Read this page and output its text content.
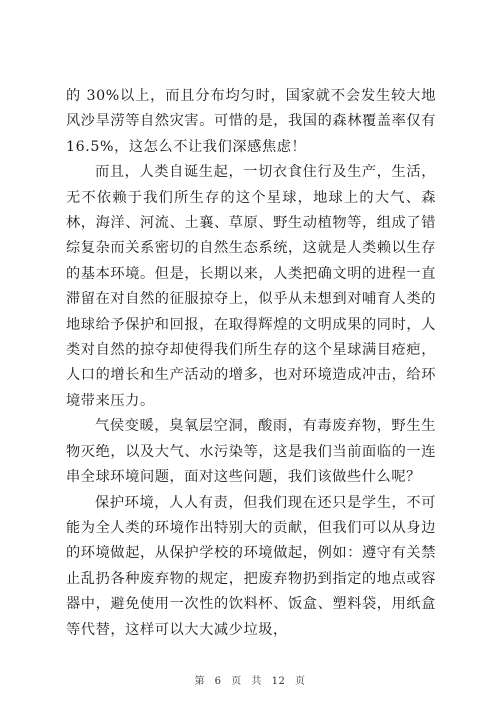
的 30%以上，而且分布均匀时，国家就不会发生较大地风沙旱涝等自然灾害。可惜的是，我国的森林覆盖率仅有 16.5%，这怎么不让我们深感焦虑！

而且，人类自诞生起，一切衣食住行及生产，生活，无不依赖于我们所生存的这个星球，地球上的大气、森林，海洋、河流、土襄、草原、野生动植物等，组成了错综复杂而关系密切的自然生态系统，这就是人类赖以生存的基本环境。但是，长期以来，人类把确文明的进程一直滞留在对自然的征服掠夺上，似乎从未想到对哺育人类的地球给予保护和回报，在取得辉煌的文明成果的同时，人类对自然的掠夺却使得我们所生存的这个星球满目疮疤，人口的增长和生产活动的增多，也对环境造成冲击，给环境带来压力。

气侯变暖，臭氧层空洞，酸雨，有毒废弃物，野生生物灭绝，以及大气、水污染等，这是我们当前面临的一连串全球环境问题，面对这些问题，我们该做些什么呢？

保护环境，人人有责，但我们现在还只是学生，不可能为全人类的环境作出特别大的贡献，但我们可以从身边的环境做起，从保护学校的环境做起，例如：遵守有关禁止乱扔各种废弃物的规定，把废弃物扔到指定的地点或容器中，避免使用一次性的饮料杯、饭盒、塑料袋，用纸盒等代替，这样可以大大减少垃圾，

第 6 页 共 12 页
